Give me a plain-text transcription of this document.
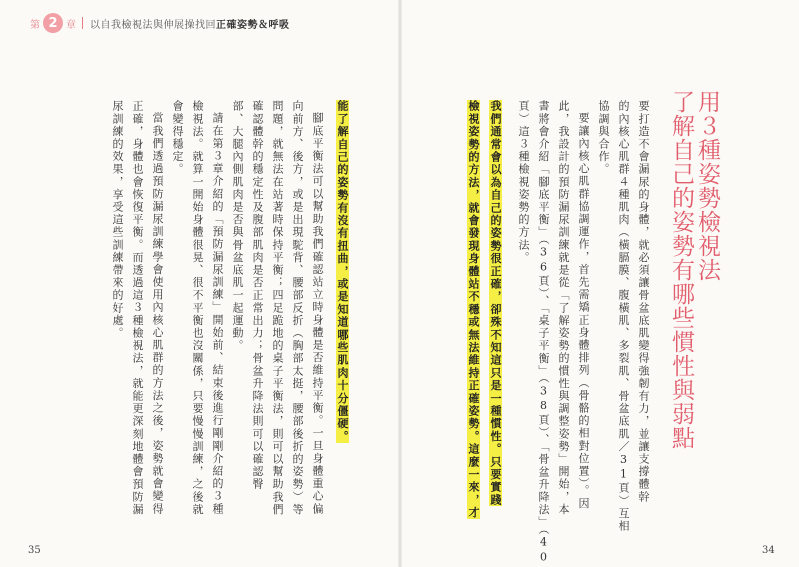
第 2 章 以自我檢視法與伸展操找回正確姿勢＆呼吸
用３種姿勢檢視法
了解自己的姿勢有哪些慣性與弱點
要打造不會漏尿的身體，就必須讓骨盆底肌變得強韌有力，並讓支撐體幹
的內核心肌群４種肌肉（橫膈膜、腹橫肌、多裂肌、骨盆底肌／31頁）互相
協調與合作。
要讓內核心肌群協調運作，首先需矯正身體排列（骨骼的相對位置）。因
此，我設計的預防漏尿訓練就是從「了解姿勢的慣性與調整姿勢」開始，本
書將會介紹「腳底平衡」（36頁）、「桌子平衡」（38頁）、「骨盆升降法」（40
頁）這３種檢視姿勢的方法。
我們通常會以為自己的姿勢很正確，卻殊不知這只是一種慣性。只要實踐
檢視姿勢的方法，就會發現身體站不穩或無法維持正確姿勢。這麼一來，才
34
能了解自己的姿勢有沒有扭曲，或是知道哪些肌肉十分僵硬。
腳底平衡法可以幫助我們確認站立時身體是否維持平衡。一旦身體重心偏
向前方、後方，或是出現駝背、腰部反折（胸部太挺，腰部後折的姿勢）等
問題，就無法在站著時保持平衡；四足跪地的桌子平衡法，則可以幫助我們
確認體幹的穩定性及腹部肌肉是否正常出力；骨盆升降法則可以確認臀
部、大腿內側肌肉是否與骨盆底肌一起運動。
請在第３章介紹的「預防漏尿訓練」開始前、結束後進行剛剛介紹的３種
檢視法。就算一開始身體很晃、很不平衡也沒關係，只要慢慢訓練，之後就
會變得穩定。
當我們透過預防漏尿訓練學會使用內核心肌群的方法之後，姿勢就會變得
正確，身體也會恢復平衡。而透過這３種檢視法，就能更深刻地體會預防漏
尿訓練的效果，享受這些訓練帶來的好處。
35
